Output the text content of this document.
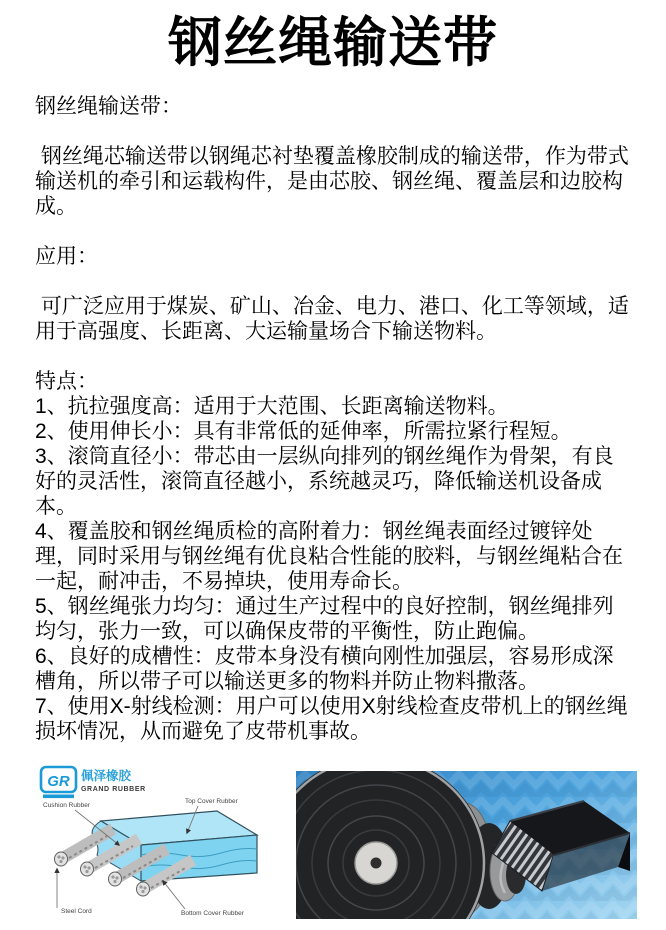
钢丝绳输送带

钢丝绳输送带：

钢丝绳芯输送带以钢绳芯衬垫覆盖橡胶制成的输送带，作为带式输送机的牵引和运载构件，是由芯胶、钢丝绳、覆盖层和边胶构成。

应用：

可广泛应用于煤炭、矿山、冶金、电力、港口、化工等领域，适用于高强度、长距离、大运输量场合下输送物料。

特点：

1、抗拉强度高：适用于大范围、长距离输送物料。

2、使用伸长小：具有非常低的延伸率，所需拉紧行程短。

3、滚筒直径小：带芯由一层纵向排列的钢丝绳作为骨架，有良好的灵活性，滚筒直径越小，系统越灵巧，降低输送机设备成本。

4、覆盖胶和钢丝绳质检的高附着力：钢丝绳表面经过镀锌处理，同时采用与钢丝绳有优良粘合性能的胶料，与钢丝绳粘合在一起，耐冲击，不易掉块，使用寿命长。

5、钢丝绳张力均匀：通过生产过程中的良好控制，钢丝绳排列均匀，张力一致，可以确保皮带的平衡性，防止跑偏。

6、良好的成槽性：皮带本身没有横向刚性加强层，容易形成深槽角，所以带子可以输送更多的物料并防止物料撒落。

7、使用X-射线检测：用户可以使用X射线检查皮带机上的钢丝绳损坏情况，从而避免了皮带机事故。

GR 佩泽橡胶
GRAND RUBBER
Cushion Rubber
Top Cover Rubber
Steel Cord	Bottom Cover Rubber
